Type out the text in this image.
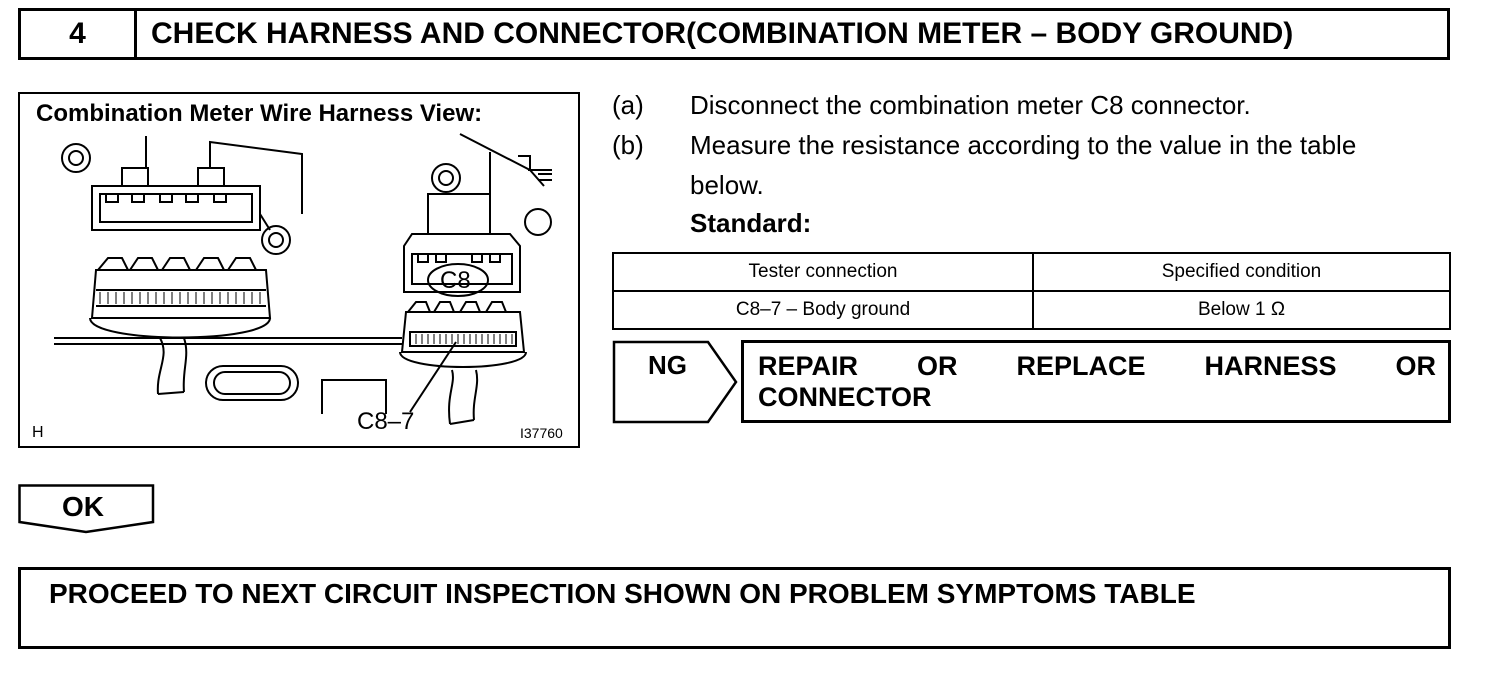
4	CHECK HARNESS AND CONNECTOR(COMBINATION METER – BODY GROUND)
Combination Meter Wire Harness View:
C8
C8–7
H	I37760
(a) Disconnect the combination meter C8 connector.
(b) Measure the resistance according to the value in the table
below.
Standard:
Tester connection	Specified condition
C8–7 – Body ground	Below 1 Ω
NG	REPAIR OR REPLACE HARNESS OR
CONNECTOR
OK
PROCEED TO NEXT CIRCUIT INSPECTION SHOWN ON PROBLEM SYMPTOMS TABLE
